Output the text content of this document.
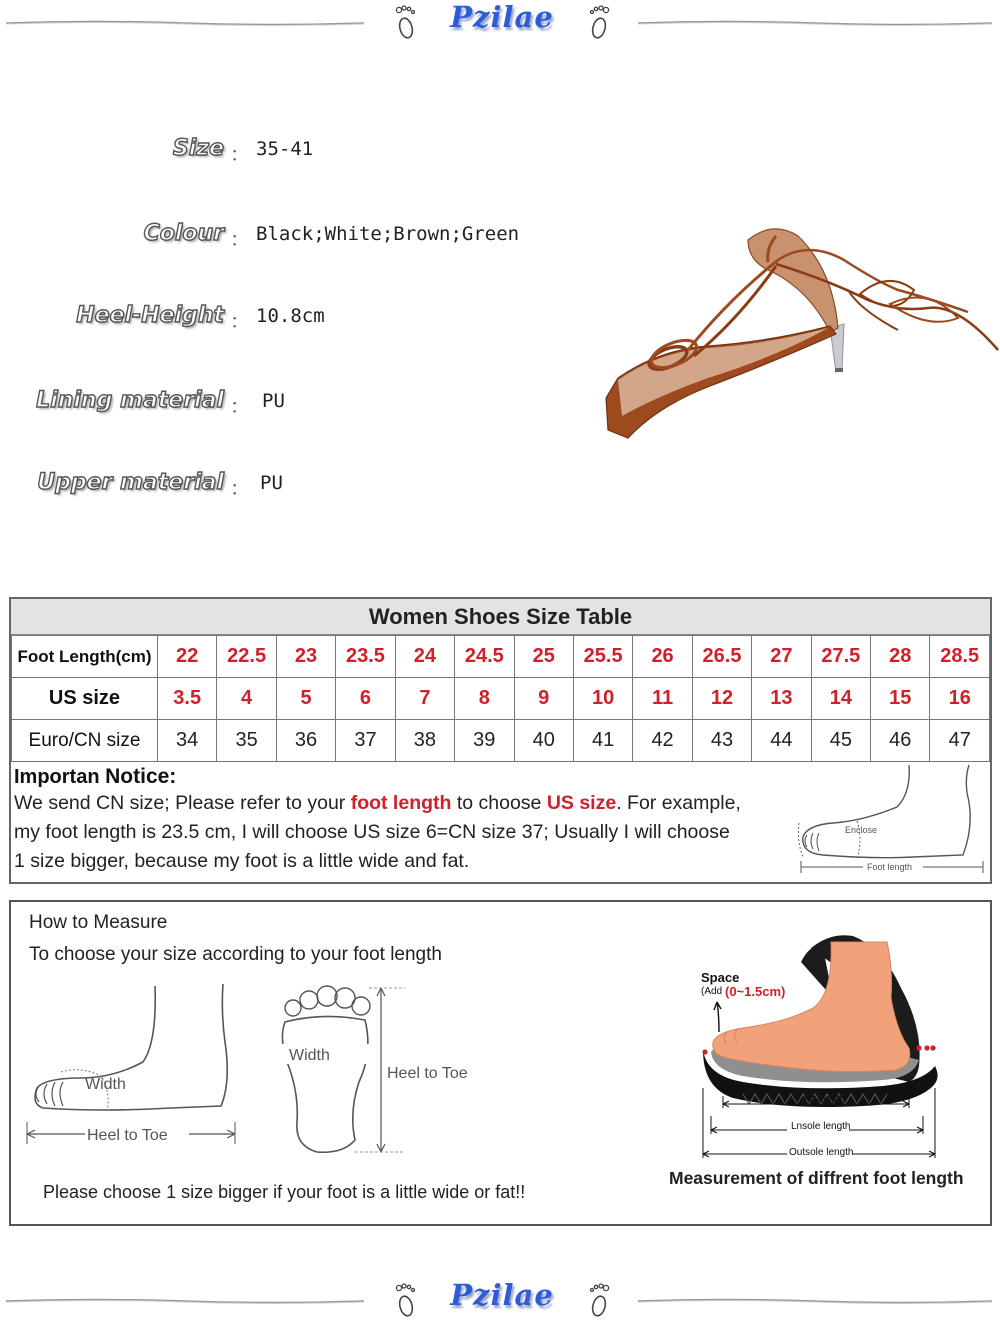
Pzilae
Size ： 35-41
Colour ： Black;White;Brown;Green
Heel-Height ： 10.8cm
Lining material ： PU
Upper material ： PU
Women Shoes Size Table
Foot Length(cm)	22	22.5	23	23.5	24	24.5	25	25.5	26	26.5	27	27.5	28	28.5
US size	3.5	4	5	6	7	8	9	10	11	12	13	14	15	16
Euro/CN size	34	35	36	37	38	39	40	41	42	43	44	45	46	47
Importan Notice:
We send CN size; Please refer to your foot length to choose US size. For example,
my foot length is 23.5 cm, I will choose US size 6=CN size 37; Usually I will choose
1 size bigger, because my foot is a little wide and fat.
Enclose
Foot length
How to Measure
To choose your size according to your foot length
Width
Heel to Toe
Width
Heel to Toe
Please choose 1 size bigger if your foot is a little wide or fat!!
Space
(Add (0~1.5cm)
Foot length
Lnsole length
Outsole length
Measurement of diffrent foot length
Pzilae
